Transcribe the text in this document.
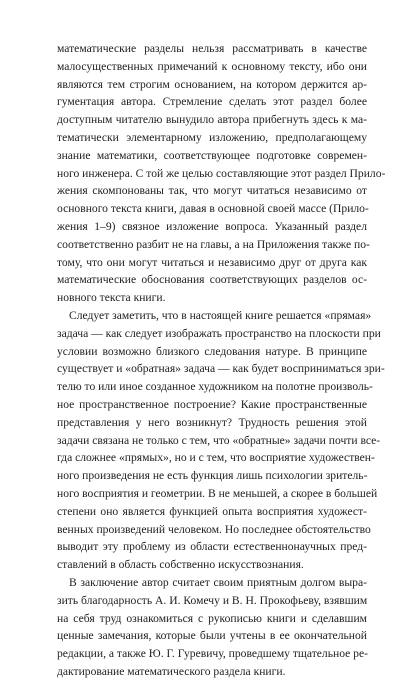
математические разделы нельзя рассматривать в качестве
малосущественных примечаний к основному тексту, ибо они
являются тем строгим основанием, на котором держится ар-
гументация автора. Стремление сделать этот раздел более
доступным читателю вынудило автора прибегнуть здесь к ма-
тематически элементарному изложению, предполагающему
знание математики, соответствующее подготовке современ-
ного инженера. С той же целью составляющие этот раздел Прило-
жения скомпонованы так, что могут читаться независимо от
основного текста книги, давая в основной своей массе (Прило-
жения 1–9) связное изложение вопроса. Указанный раздел
соответственно разбит не на главы, а на Приложения также по-
тому, что они могут читаться и независимо друг от друга как
математические обоснования соответствующих разделов ос-
новного текста книги.
Следует заметить, что в настоящей книге решается «прямая»
задача — как следует изображать пространство на плоскости при
условии возможно близкого следования натуре. В принципе
существует и «обратная» задача — как будет восприниматься зри-
телю то или иное созданное художником на полотне произволь-
ное пространственное построение? Какие пространственные
представления у него возникнут? Трудность решения этой
задачи связана не только с тем, что «обратные» задачи почти все-
гда сложнее «прямых», но и с тем, что восприятие художествен-
ного произведения не есть функция лишь психологии зритель-
ного восприятия и геометрии. В не меньшей, а скорее в большей
степени оно является функцией опыта восприятия художест-
венных произведений человеком. Но последнее обстоятельство
выводит эту проблему из области естественнонаучных пред-
ставлений в область собственно искусствознания.
В заключение автор считает своим приятным долгом выра-
зить благодарность А. И. Комечу и В. Н. Прокофьеву, взявшим
на себя труд ознакомиться с рукописью книги и сделавшим
ценные замечания, которые были учтены в ее окончательной
редакции, а также Ю. Г. Гуревичу, проведшему тщательное ре-
дактирование математического раздела книги.
